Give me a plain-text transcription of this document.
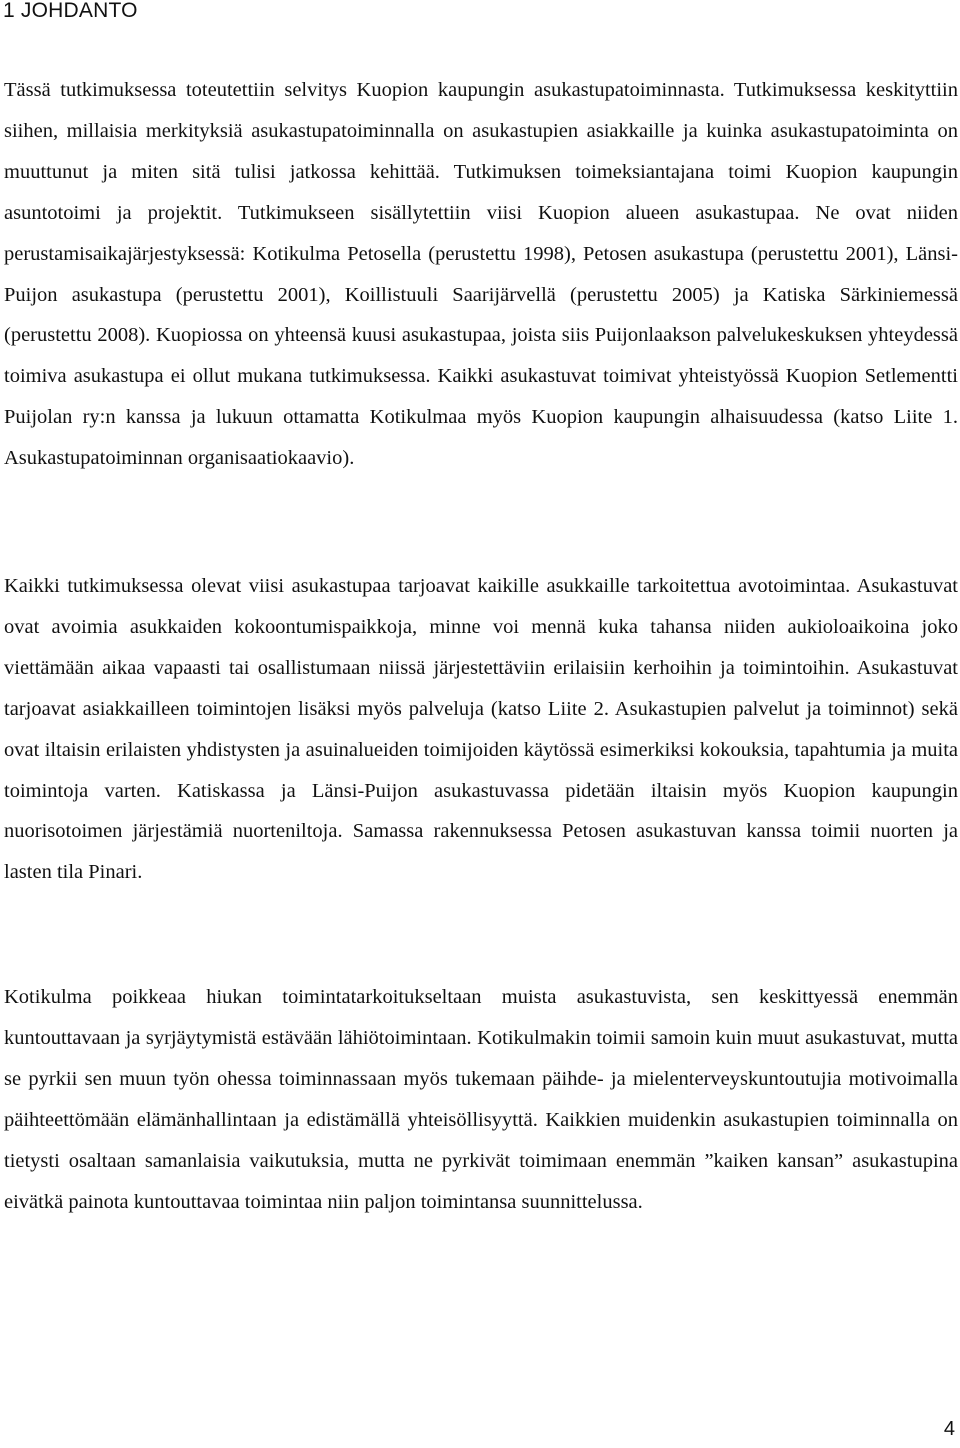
1 JOHDANTO

Tässä tutkimuksessa toteutettiin selvitys Kuopion kaupungin asukastupatoiminnasta. Tutkimuksessa keskityttiin siihen, millaisia merkityksiä asukastupatoiminnalla on asukastupien asiakkaille ja kuinka asukastupatoiminta on muuttunut ja miten sitä tulisi jatkossa kehittää. Tutkimuksen toimeksiantajana toimi Kuopion kaupungin asuntotoimi ja projektit. Tutkimukseen sisällytettiin viisi Kuopion alueen asukastupaa. Ne ovat niiden perustamisaikajärjestyksessä: Kotikulma Petosella (perustettu 1998), Petosen asukastupa (perustettu 2001), Länsi-Puijon asukastupa (perustettu 2001), Koillistuuli Saarijärvellä (perustettu 2005) ja Katiska Särkiniemessä (perustettu 2008). Kuopiossa on yhteensä kuusi asukastupaa, joista siis Puijonlaakson palvelukeskuksen yhteydessä toimiva asukastupa ei ollut mukana tutkimuksessa. Kaikki asukastuvat toimivat yhteistyössä Kuopion Setlementti Puijolan ry:n kanssa ja lukuun ottamatta Kotikulmaa myös Kuopion kaupungin alhaisuudessa (katso Liite 1. Asukastupatoiminnan organisaatiokaavio).

Kaikki tutkimuksessa olevat viisi asukastupaa tarjoavat kaikille asukkaille tarkoitettua avotoimintaa. Asukastuvat ovat avoimia asukkaiden kokoontumispaikkoja, minne voi mennä kuka tahansa niiden aukioloaikoina joko viettämään aikaa vapaasti tai osallistumaan niissä järjestettäviin erilaisiin kerhoihin ja toimintoihin. Asukastuvat tarjoavat asiakkailleen toimintojen lisäksi myös palveluja (katso Liite 2. Asukastupien palvelut ja toiminnot) sekä ovat iltaisin erilaisten yhdistysten ja asuinalueiden toimijoiden käytössä esimerkiksi kokouksia, tapahtumia ja muita toimintoja varten. Katiskassa ja Länsi-Puijon asukastuvassa pidetään iltaisin myös Kuopion kaupungin nuorisotoimen järjestämiä nuorteniltoja. Samassa rakennuksessa Petosen asukastuvan kanssa toimii nuorten ja lasten tila Pinari.

Kotikulma poikkeaa hiukan toimintatarkoitukseltaan muista asukastuvista, sen keskittyessä enemmän kuntouttavaan ja syrjäytymistä estävään lähiötoimintaan. Kotikulmakin toimii samoin kuin muut asukastuvat, mutta se pyrkii sen muun työn ohessa toiminnassaan myös tukemaan päihde- ja mielenterveyskuntoutujia motivoimalla päihteettömään elämänhallintaan ja edistämällä yhteisöllisyyttä. Kaikkien muidenkin asukastupien toiminnalla on tietysti osaltaan samanlaisia vaikutuksia, mutta ne pyrkivät toimimaan enemmän ”kaiken kansan” asukastupina eivätkä painota kuntouttavaa toimintaa niin paljon toimintansa suunnittelussa.

4
